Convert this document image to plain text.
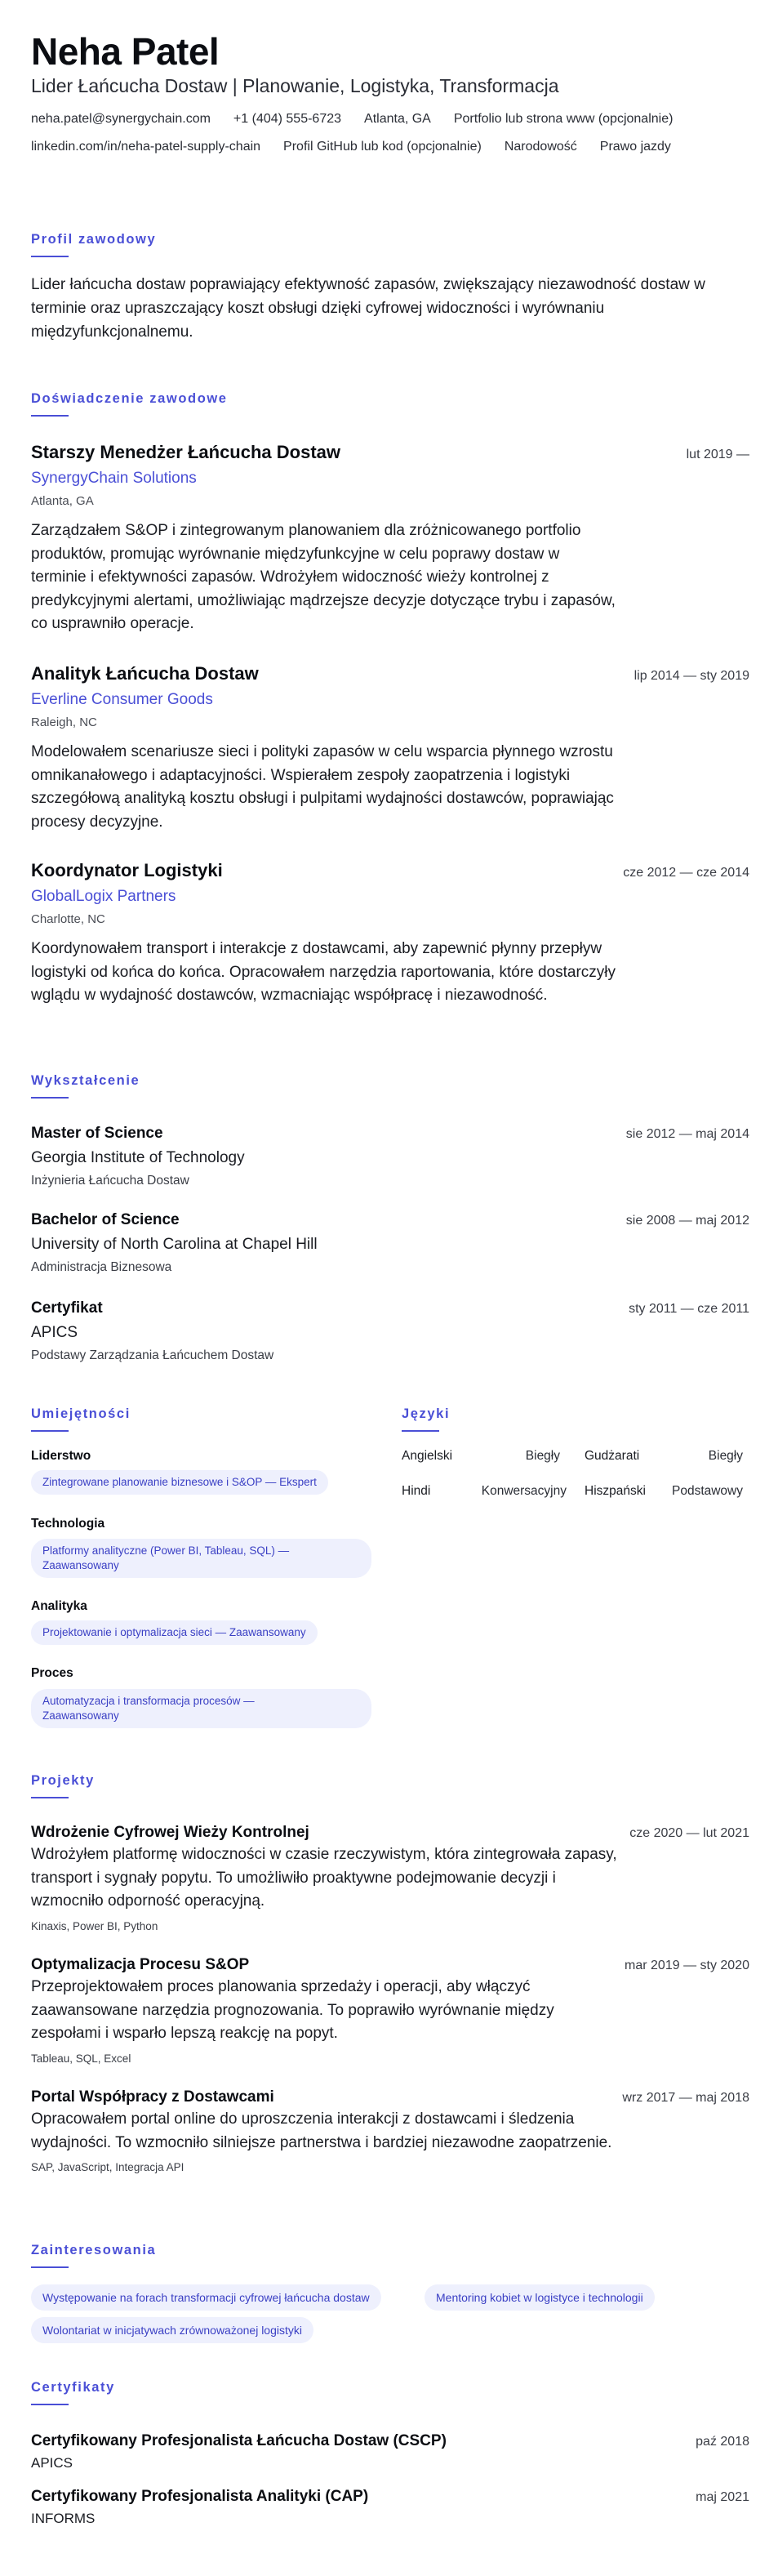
Neha Patel
Lider Łańcucha Dostaw | Planowanie, Logistyka, Transformacja
neha.patel@synergychain.com +1 (404) 555-6723 Atlanta, GA Portfolio lub strona www (opcjonalnie)
linkedin.com/in/neha-patel-supply-chain Profil GitHub lub kod (opcjonalnie) Narodowość Prawo jazdy
Profil zawodowy
Lider łańcucha dostaw poprawiający efektywność zapasów, zwiększający niezawodność dostaw w terminie oraz upraszczający koszt obsługi dzięki cyfrowej widoczności i wyrównaniu międzyfunkcjonalnemu.
Doświadczenie zawodowe
Starszy Menedżer Łańcucha Dostaw	lut 2019 —
SynergyChain Solutions
Atlanta, GA
Zarządzałem S&OP i zintegrowanym planowaniem dla zróżnicowanego portfolio produktów, promując wyrównanie międzyfunkcyjne w celu poprawy dostaw w terminie i efektywności zapasów. Wdrożyłem widoczność wieży kontrolnej z predykcyjnymi alertami, umożliwiając mądrzejsze decyzje dotyczące trybu i zapasów, co usprawniło operacje.
Analityk Łańcucha Dostaw	lip 2014 — sty 2019
Everline Consumer Goods
Raleigh, NC
Modelowałem scenariusze sieci i polityki zapasów w celu wsparcia płynnego wzrostu omnikanałowego i adaptacyjności. Wspierałem zespoły zaopatrzenia i logistyki szczegółową analityką kosztu obsługi i pulpitami wydajności dostawców, poprawiając procesy decyzyjne.
Koordynator Logistyki	cze 2012 — cze 2014
GlobalLogix Partners
Charlotte, NC
Koordynowałem transport i interakcje z dostawcami, aby zapewnić płynny przepływ logistyki od końca do końca. Opracowałem narzędzia raportowania, które dostarczyły wglądu w wydajność dostawców, wzmacniając współpracę i niezawodność.
Wykształcenie
Master of Science	sie 2012 — maj 2014
Georgia Institute of Technology
Inżynieria Łańcucha Dostaw
Bachelor of Science	sie 2008 — maj 2012
University of North Carolina at Chapel Hill
Administracja Biznesowa
Certyfikat	sty 2011 — cze 2011
APICS
Podstawy Zarządzania Łańcuchem Dostaw
Umiejętności
Liderstwo
Zintegrowane planowanie biznesowe i S&OP — Ekspert
Technologia
Platformy analityczne (Power BI, Tableau, SQL) —
Zaawansowany
Analityka
Projektowanie i optymalizacja sieci — Zaawansowany
Proces
Automatyzacja i transformacja procesów —
Zaawansowany
Języki
Angielski	Biegły Gudżarati	Biegły
Hindi	Konwersacyjny Hiszpański Podstawowy
Projekty
Wdrożenie Cyfrowej Wieży Kontrolnej	cze 2020 — lut 2021
Wdrożyłem platformę widoczności w czasie rzeczywistym, która zintegrowała zapasy, transport i sygnały popytu. To umożliwiło proaktywne podejmowanie decyzji i wzmocniło odporność operacyjną.
Kinaxis, Power BI, Python
Optymalizacja Procesu S&OP	mar 2019 — sty 2020
Przeprojektowałem proces planowania sprzedaży i operacji, aby włączyć zaawansowane narzędzia prognozowania. To poprawiło wyrównanie między zespołami i wsparło lepszą reakcję na popyt.
Tableau, SQL, Excel
Portal Współpracy z Dostawcami	wrz 2017 — maj 2018
Opracowałem portal online do uproszczenia interakcji z dostawcami i śledzenia wydajności. To wzmocniło silniejsze partnerstwa i bardziej niezawodne zaopatrzenie.
SAP, JavaScript, Integracja API
Zainteresowania
Występowanie na forach transformacji cyfrowej łańcucha dostaw	Mentoring kobiet w logistyce i technologii
Wolontariat w inicjatywach zrównoważonej logistyki
Certyfikaty
Certyfikowany Profesjonalista Łańcucha Dostaw (CSCP)	paź 2018
APICS
Certyfikowany Profesjonalista Analityki (CAP)	maj 2021
INFORMS
